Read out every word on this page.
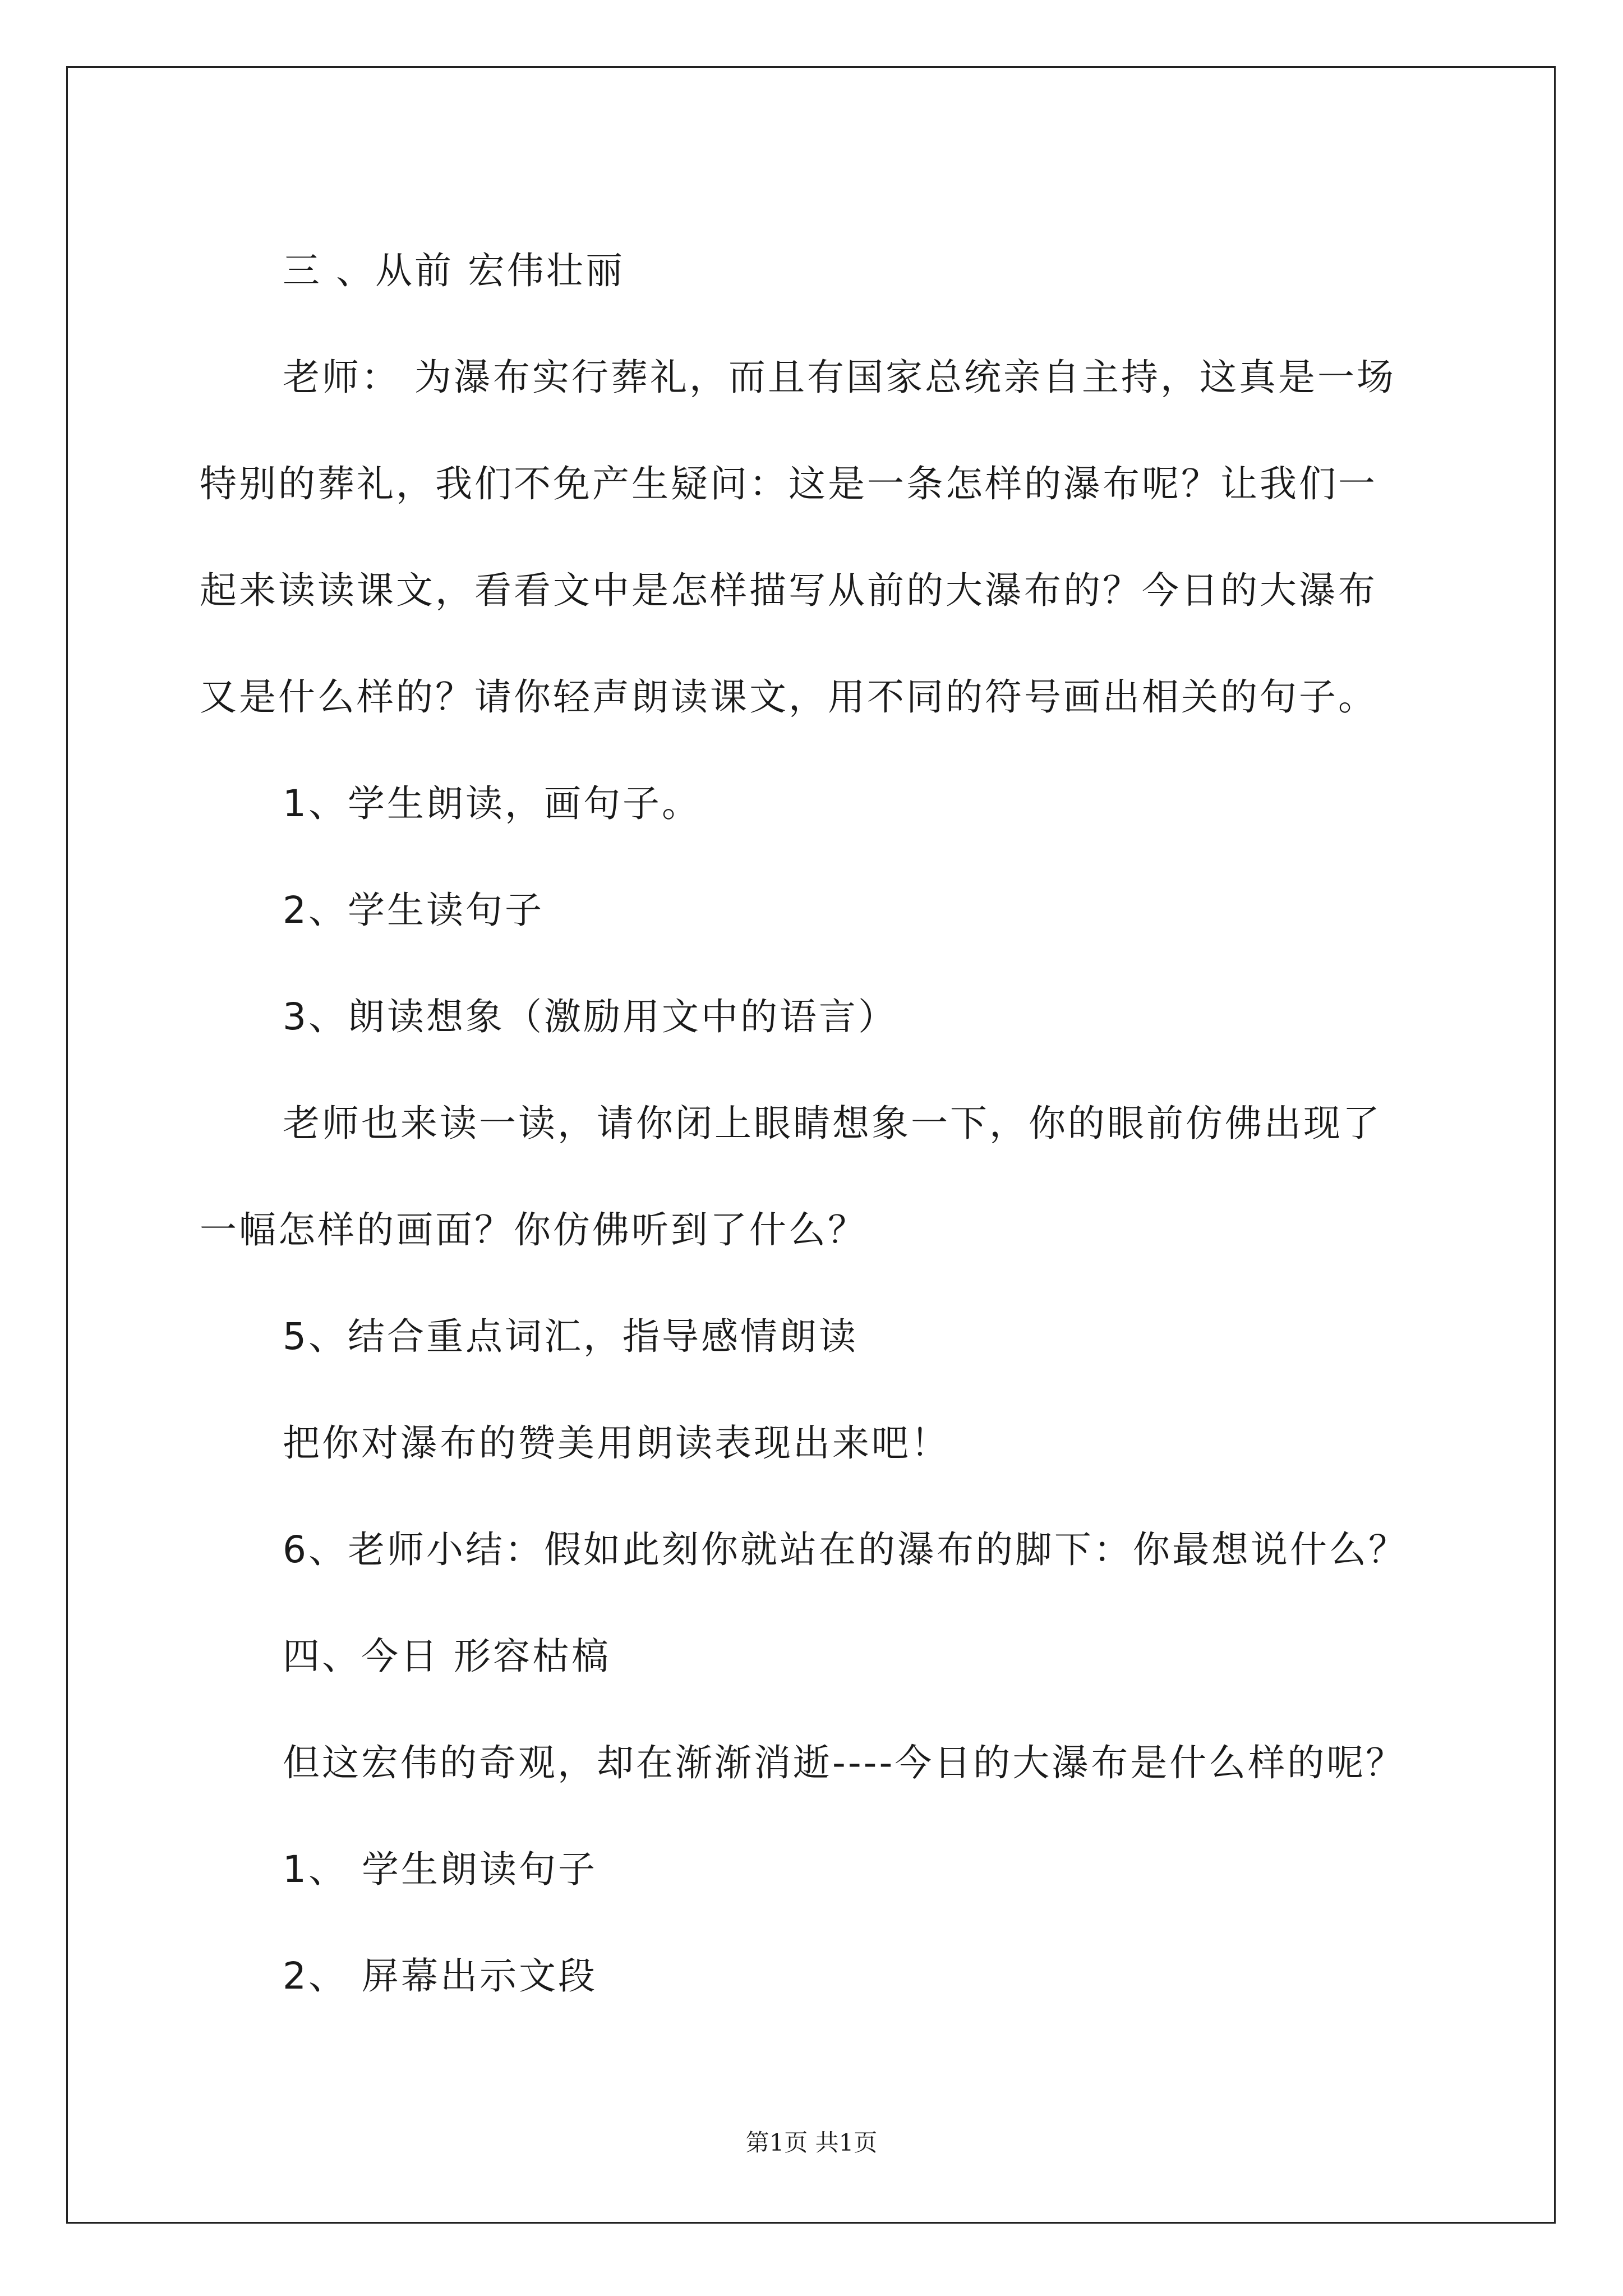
三 、从前 宏伟壮丽

老师： 为瀑布实行葬礼，而且有国家总统亲自主持，这真是一场

特别的葬礼，我们不免产生疑问：这是一条怎样的瀑布呢？让我们一

起来读读课文，看看文中是怎样描写从前的大瀑布的？今日的大瀑布

又是什么样的？请你轻声朗读课文，用不同的符号画出相关的句子。

1、学生朗读，画句子。

2、学生读句子

3、朗读想象（激励用文中的语言）

老师也来读一读，请你闭上眼睛想象一下，你的眼前仿佛出现了

一幅怎样的画面？你仿佛听到了什么？

5、结合重点词汇，指导感情朗读

把你对瀑布的赞美用朗读表现出来吧！

6、老师小结：假如此刻你就站在的瀑布的脚下：你最想说什么？

四、今日 形容枯槁

但这宏伟的奇观，却在渐渐消逝----今日的大瀑布是什么样的呢？

1、 学生朗读句子

2、 屏幕出示文段

第1页 共1页
